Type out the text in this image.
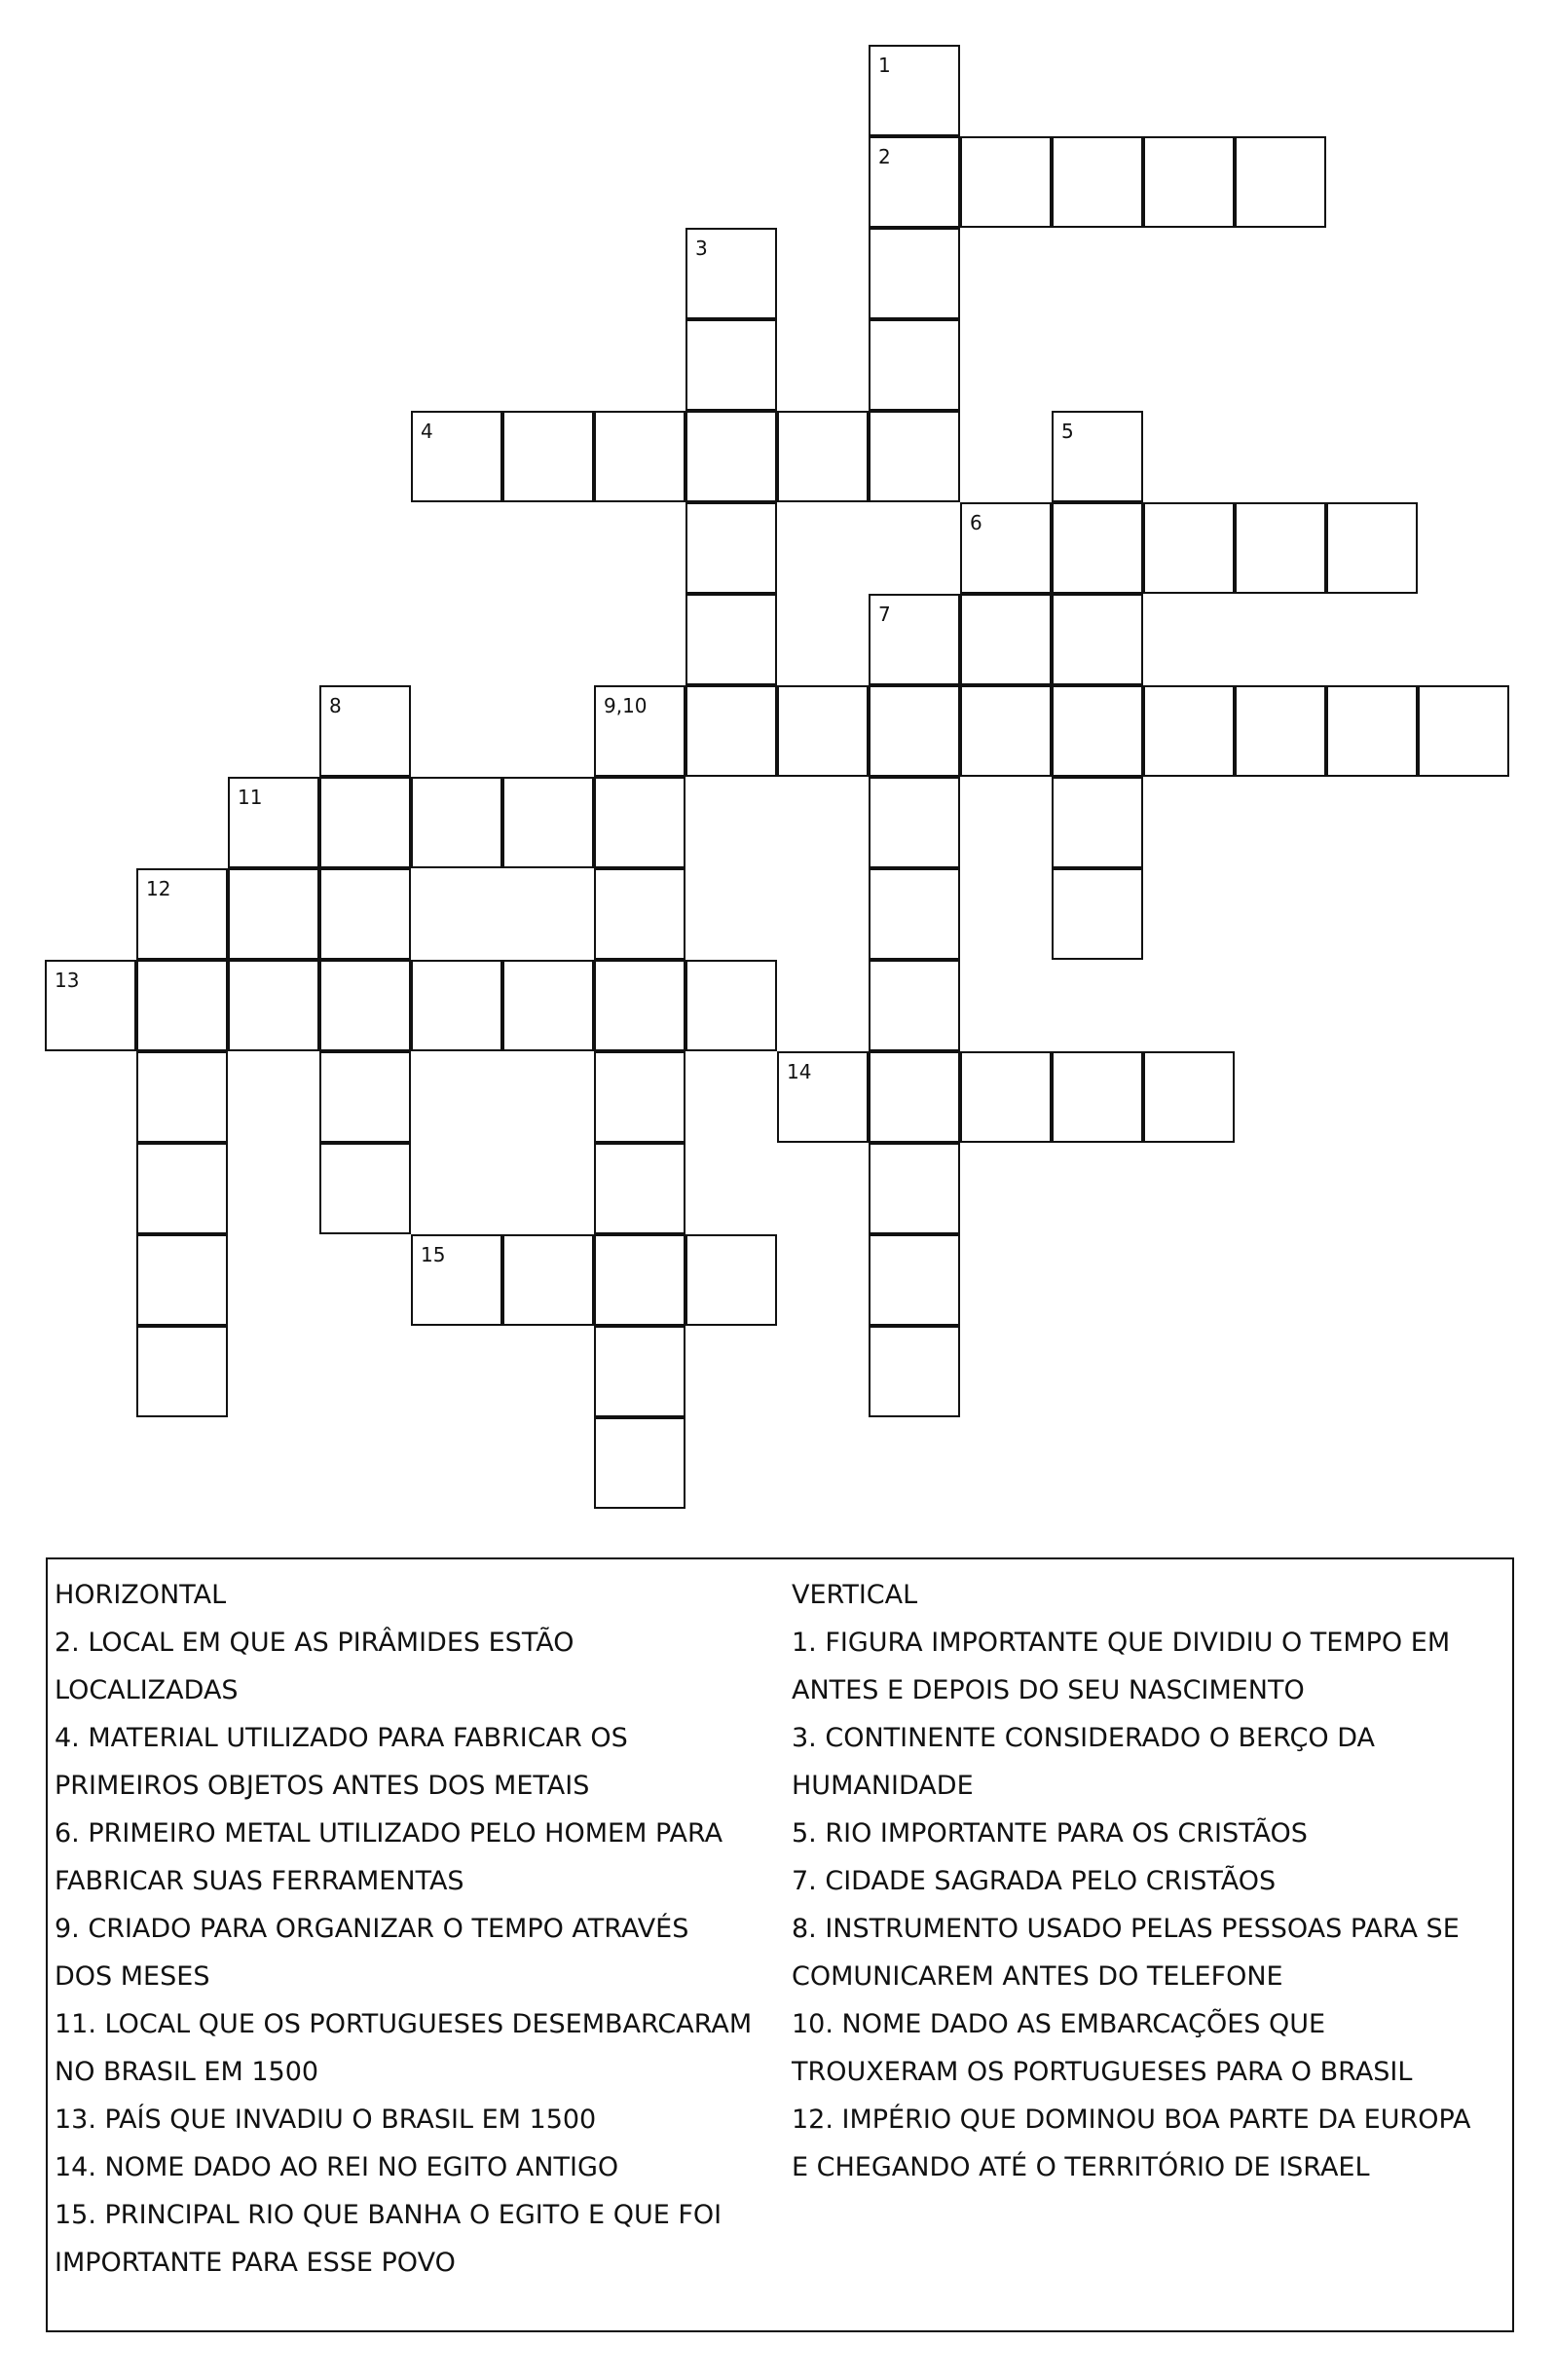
1
2
3
4	5
6
7
8	9,10
11
12
13
14
15
HORIZONTAL
2. LOCAL EM QUE AS PIRÂMIDES ESTÃO
LOCALIZADAS
4. MATERIAL UTILIZADO PARA FABRICAR OS
PRIMEIROS OBJETOS ANTES DOS METAIS
6. PRIMEIRO METAL UTILIZADO PELO HOMEM PARA
FABRICAR SUAS FERRAMENTAS
9. CRIADO PARA ORGANIZAR O TEMPO ATRAVÉS
DOS MESES
11. LOCAL QUE OS PORTUGUESES DESEMBARCARAM
NO BRASIL EM 1500
13. PAÍS QUE INVADIU O BRASIL EM 1500
14. NOME DADO AO REI NO EGITO ANTIGO
15. PRINCIPAL RIO QUE BANHA O EGITO E QUE FOI
IMPORTANTE PARA ESSE POVO
VERTICAL
1. FIGURA IMPORTANTE QUE DIVIDIU O TEMPO EM
ANTES E DEPOIS DO SEU NASCIMENTO
3. CONTINENTE CONSIDERADO O BERÇO DA
HUMANIDADE
5. RIO IMPORTANTE PARA OS CRISTÃOS
7. CIDADE SAGRADA PELO CRISTÃOS
8. INSTRUMENTO USADO PELAS PESSOAS PARA SE
COMUNICAREM ANTES DO TELEFONE
10. NOME DADO AS EMBARCAÇÕES QUE
TROUXERAM OS PORTUGUESES PARA O BRASIL
12. IMPÉRIO QUE DOMINOU BOA PARTE DA EUROPA
E CHEGANDO ATÉ O TERRITÓRIO DE ISRAEL
